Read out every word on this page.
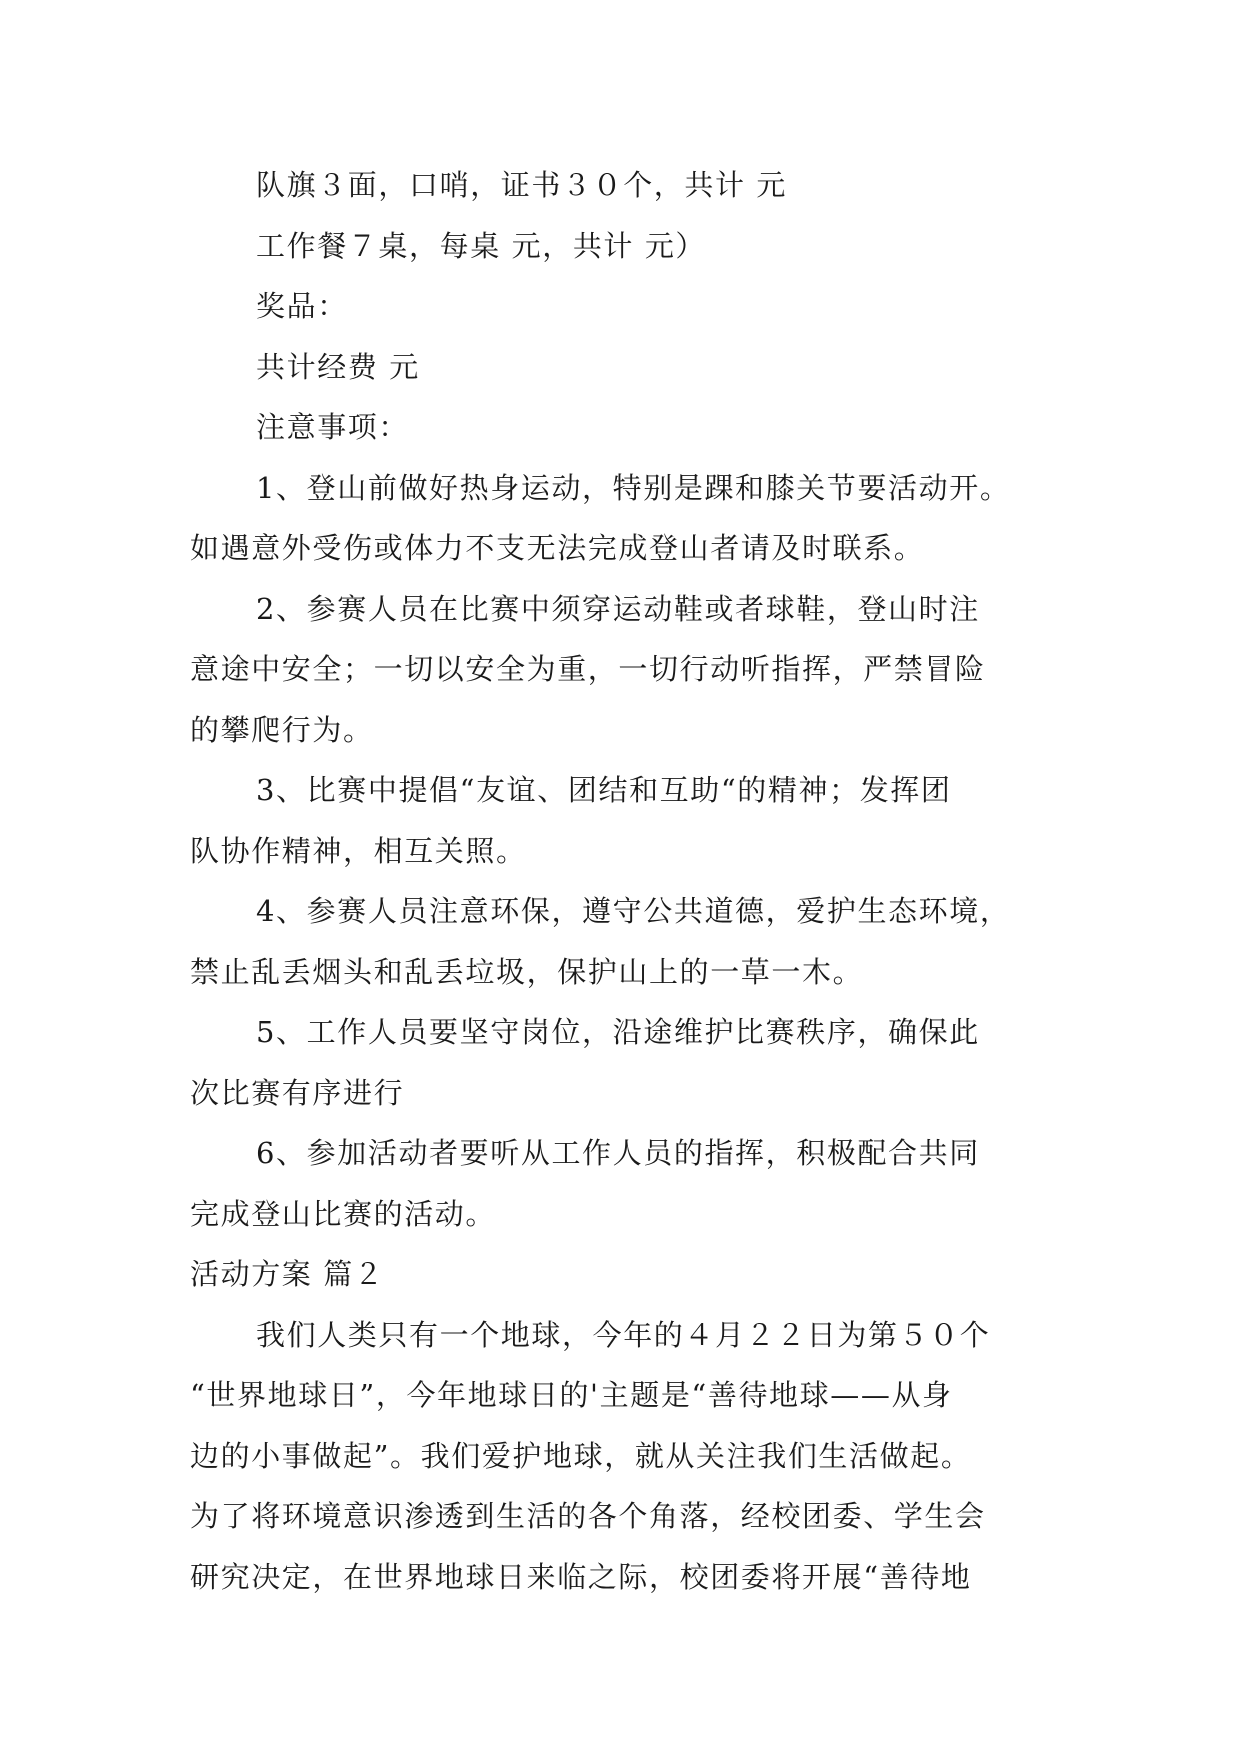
队旗３面，口哨，证书３０个，共计 元

工作餐７桌，每桌 元，共计 元）

奖品：

共计经费 元

注意事项：

1、登山前做好热身运动，特别是踝和膝关节要活动开。

如遇意外受伤或体力不支无法完成登山者请及时联系。

2、参赛人员在比赛中须穿运动鞋或者球鞋，登山时注

意途中安全；一切以安全为重，一切行动听指挥，严禁冒险

的攀爬行为。

3、比赛中提倡“友谊、团结和互助“的精神；发挥团

队协作精神，相互关照。

4、参赛人员注意环保，遵守公共道德，爱护生态环境，

禁止乱丢烟头和乱丢垃圾，保护山上的一草一木。

5、工作人员要坚守岗位，沿途维护比赛秩序，确保此

次比赛有序进行

6、参加活动者要听从工作人员的指挥，积极配合共同

完成登山比赛的活动。

活动方案 篇２

我们人类只有一个地球，今年的４月２２日为第５０个

“世界地球日”，今年地球日的'主题是“善待地球——从身

边的小事做起”。我们爱护地球，就从关注我们生活做起。

为了将环境意识渗透到生活的各个角落，经校团委、学生会

研究决定，在世界地球日来临之际，校团委将开展“善待地
